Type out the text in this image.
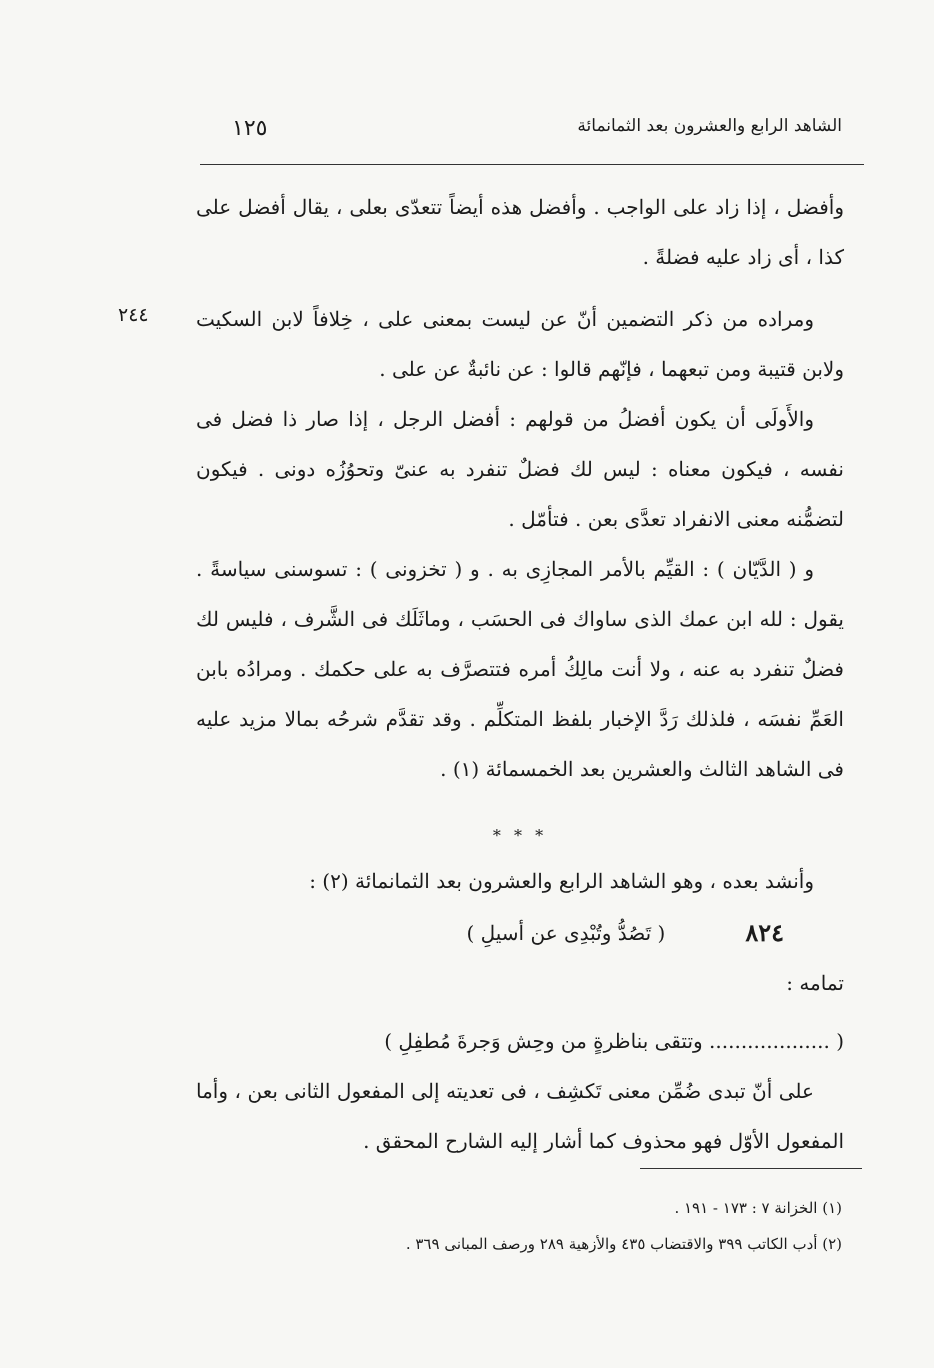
الشاهد الرابع والعشرون بعد الثمانمائة
١٢٥
٢٤٤

وأفضل ، إذا زاد على الواجب . وأفضل هذه أيضاً تتعدّى بعلى ، يقال أفضل على كذا ، أى زاد عليه فضلةً .

ومراده من ذكر التضمين أنّ عن ليست بمعنى على ، خِلافاً لابن السكيت ولابن قتيبة ومن تبعهما ، فإنّهم قالوا : عن نائبةٌ عن على .

والأَولَى أن يكون أفضلُ من قولهم : أفضل الرجل ، إذا صار ذا فضل فى نفسه ، فيكون معناه : ليس لك فضلٌ تنفرد به عنىّ وتحوُزُه دونى . فيكون لتضمُّنه معنى الانفراد تعدَّى بعن . فتأمّل .

و ( الدَّيّان ) : القيِّم بالأمر المجازِى به . و ( تخزونى ) : تسوسنى سياسةً . يقول : لله ابن عمك الذى ساواك فى الحسَب ، وماثَلَك فى الشَّرف ، فليس لك فضلٌ تنفرد به عنه ، ولا أنت مالِكُ أمره فتتصرَّف به على حكمك . ومرادُه بابن العَمِّ نفسَه ، فلذلك رَدَّ الإخبار بلفظ المتكلِّم . وقد تقدَّم شرحُه بمالا مزيد عليه فى الشاهد الثالث والعشرين بعد الخمسمائة (١) .

* * *

وأنشد بعده ، وهو الشاهد الرابع والعشرون بعد الثمانمائة (٢) :

٨٢٤
( تَصُدُّ وتُبْدِى عن أسيلِ )

تمامه :

( ................... وتتقى بناظرةٍ من وحِش وَجرةَ مُطفِلِ )

على أنّ تبدى ضُمِّن معنى تَكشِف ، فى تعديته إلى المفعول الثانى بعن ، وأما المفعول الأوّل فهو محذوف كما أشار إليه الشارح المحقق .

(١) الخزانة ٧ : ١٧٣ - ١٩١ .

(٢) أدب الكاتب ٣٩٩ والاقتضاب ٤٣٥ والأزهية ٢٨٩ ورصف المبانى ٣٦٩ .
